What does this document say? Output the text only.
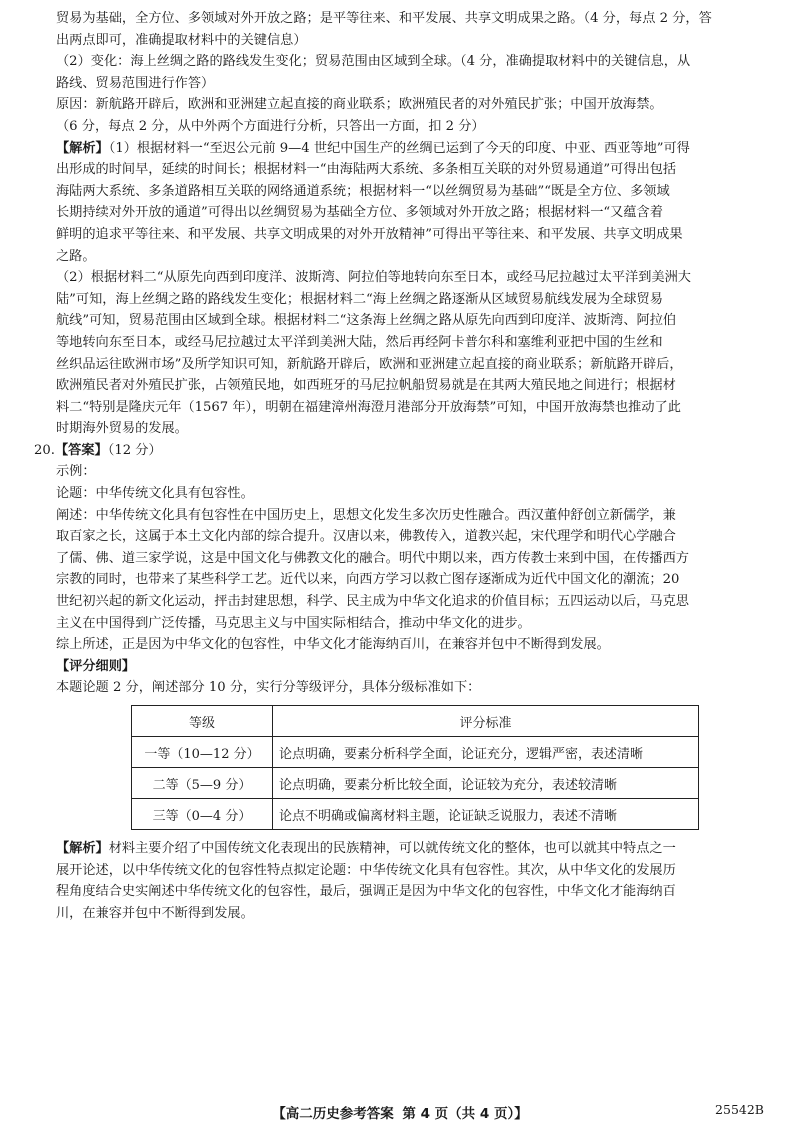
贸易为基础，全方位、多领域对外开放之路；是平等往来、和平发展、共享文明成果之路。（4 分，每点 2 分，答

出两点即可，准确提取材料中的关键信息）

（2）变化：海上丝绸之路的路线发生变化；贸易范围由区域到全球。（4 分，准确提取材料中的关键信息，从

路线、贸易范围进行作答）

原因：新航路开辟后，欧洲和亚洲建立起直接的商业联系；欧洲殖民者的对外殖民扩张；中国开放海禁。

（6 分，每点 2 分，从中外两个方面进行分析，只答出一方面，扣 2 分）

【解析】（1）根据材料一“至迟公元前 9—4 世纪中国生产的丝绸已运到了今天的印度、中亚、西亚等地”可得

出形成的时间早，延续的时间长；根据材料一“由海陆两大系统、多条相互关联的对外贸易通道”可得出包括

海陆两大系统、多条道路相互关联的网络通道系统；根据材料一“以丝绸贸易为基础”“既是全方位、多领域

长期持续对外开放的通道”可得出以丝绸贸易为基础全方位、多领域对外开放之路；根据材料一“又蕴含着

鲜明的追求平等往来、和平发展、共享文明成果的对外开放精神”可得出平等往来、和平发展、共享文明成果

之路。

（2）根据材料二“从原先向西到印度洋、波斯湾、阿拉伯等地转向东至日本，或经马尼拉越过太平洋到美洲大

陆”可知，海上丝绸之路的路线发生变化；根据材料二“海上丝绸之路逐渐从区域贸易航线发展为全球贸易

航线”可知，贸易范围由区域到全球。根据材料二“这条海上丝绸之路从原先向西到印度洋、波斯湾、阿拉伯

等地转向东至日本，或经马尼拉越过太平洋到美洲大陆，然后再经阿卡普尔科和塞维利亚把中国的生丝和

丝织品运往欧洲市场”及所学知识可知，新航路开辟后，欧洲和亚洲建立起直接的商业联系；新航路开辟后，

欧洲殖民者对外殖民扩张，占领殖民地，如西班牙的马尼拉帆船贸易就是在其两大殖民地之间进行；根据材

料二“特别是隆庆元年（1567 年），明朝在福建漳州海澄月港部分开放海禁”可知，中国开放海禁也推动了此

时期海外贸易的发展。

20.【答案】（12 分）

示例：

论题：中华传统文化具有包容性。

阐述：中华传统文化具有包容性在中国历史上，思想文化发生多次历史性融合。西汉董仲舒创立新儒学，兼

取百家之长，这属于本土文化内部的综合提升。汉唐以来，佛教传入，道教兴起，宋代理学和明代心学融合

了儒、佛、道三家学说，这是中国文化与佛教文化的融合。明代中期以来，西方传教士来到中国，在传播西方

宗教的同时，也带来了某些科学工艺。近代以来，向西方学习以救亡图存逐渐成为近代中国文化的潮流；20

世纪初兴起的新文化运动，抨击封建思想，科学、民主成为中华文化追求的价值目标；五四运动以后，马克思

主义在中国得到广泛传播，马克思主义与中国实际相结合，推动中华文化的进步。

综上所述，正是因为中华文化的包容性，中华文化才能海纳百川，在兼容并包中不断得到发展。

【评分细则】

本题论题 2 分，阐述部分 10 分，实行分等级评分，具体分级标准如下：

等级	评分标准
一等（10—12 分）	论点明确，要素分析科学全面，论证充分，逻辑严密，表述清晰
二等（5—9 分）	论点明确，要素分析比较全面，论证较为充分，表述较清晰
三等（0—4 分）	论点不明确或偏离材料主题，论证缺乏说服力，表述不清晰

【解析】材料主要介绍了中国传统文化表现出的民族精神，可以就传统文化的整体，也可以就其中特点之一

展开论述，以中华传统文化的包容性特点拟定论题：中华传统文化具有包容性。其次，从中华文化的发展历

程角度结合史实阐述中华传统文化的包容性，最后，强调正是因为中华文化的包容性，中华文化才能海纳百

川，在兼容并包中不断得到发展。

【高二历史参考答案 第 4 页（共 4 页）】	25542B
